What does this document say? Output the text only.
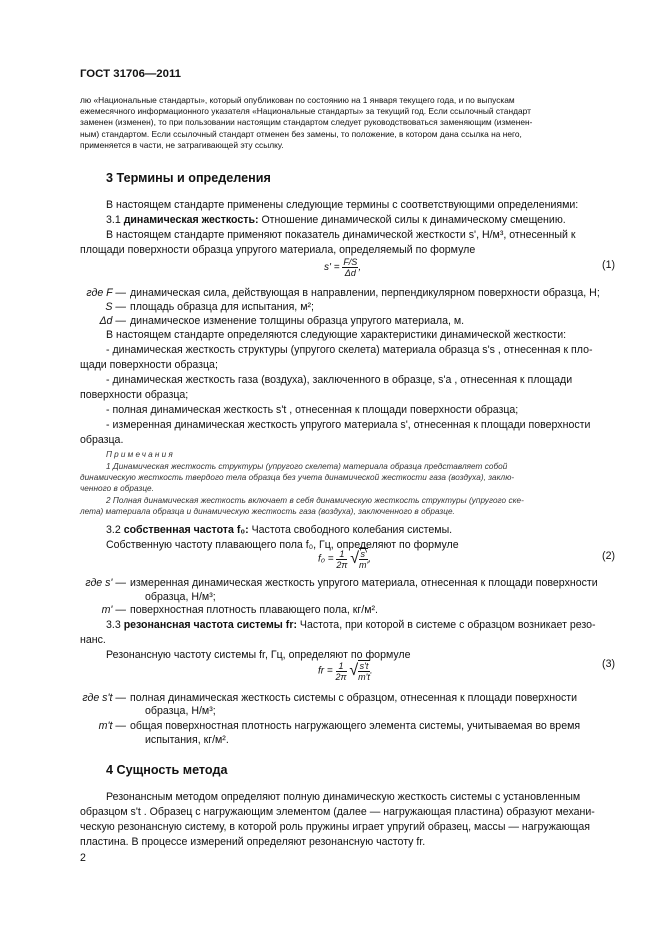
ГОСТ 31706—2011
лю «Национальные стандарты», который опубликован по состоянию на 1 января текущего года, и по выпускам
ежемесячного информационного указателя «Национальные стандарты» за текущий год. Если ссылочный стандарт
заменен (изменен), то при пользовании настоящим стандартом следует руководствоваться заменяющим (изменен-
ным) стандартом. Если ссылочный стандарт отменен без замены, то положение, в котором дана ссылка на него,
применяется в части, не затрагивающей эту ссылку.
3 Термины и определения
В настоящем стандарте применены следующие термины с соответствующими определениями:
3.1 динамическая жесткость: Отношение динамической силы к динамическому смещению.
В настоящем стандарте применяют показатель динамической жесткости s', Н/м³, отнесенный к
площади поверхности образца упругого материала, определяемый по формуле
$s' = \frac{F/S}{\Delta d}$ ,	(1)
где F — динамическая сила, действующая в направлении, перпендикулярном поверхности образца, Н;
S — площадь образца для испытания, м²;
Δd — динамическое изменение толщины образца упругого материала, м.
В настоящем стандарте определяются следующие характеристики динамической жесткости:
- динамическая жесткость структуры (упругого скелета) материала образца s's , отнесенная к пло-
щади поверхности образца;
- динамическая жесткость газа (воздуха), заключенного в образце, s'a , отнесенная к площади
поверхности образца;
- полная динамическая жесткость s't , отнесенная к площади поверхности образца;
- измеренная динамическая жесткость упругого материала s', отнесенная к площади поверхности
образца.
Примечания
1 Динамическая жесткость структуры (упругого скелета) материала образца представляет собой
динамическую жесткость твердого тела образца без учета динамической жесткости газа (воздуха), заклю-
ченного в образце.
2 Полная динамическая жесткость включает в себя динамическую жесткость структуры (упругого ске-
лета) материала образца и динамическую жесткость газа (воздуха), заключенного в образце.
3.2 собственная частота f₀: Частота свободного колебания системы.
Собственную частоту плавающего пола f₀, Гц, определяют по формуле
$f_0 = \frac{1}{2\pi}$ √ $\frac{s'}{m'}$ ,	(2)
где s' — измеренная динамическая жесткость упругого материала, отнесенная к площади поверхности
образца, Н/м³;
m' — поверхностная плотность плавающего пола, кг/м².
3.3 резонансная частота системы fr: Частота, при которой в системе с образцом возникает резо-
нанс.
Резонансную частоту системы fr, Гц, определяют по формуле
fr = $\frac{1}{2\pi}$ √ $\frac{s't}{m't}$ .
(3)
где s't — полная динамическая жесткость системы с образцом, отнесенная к площади поверхности
образца, Н/м³;
m't — общая поверхностная плотность нагружающего элемента системы, учитываемая во время
испытания, кг/м².
4 Сущность метода
Резонансным методом определяют полную динамическую жесткость системы с установленным
образцом s't . Образец с нагружающим элементом (далее — нагружающая пластина) образуют механи-
ческую резонансную систему, в которой роль пружины играет упругий образец, массы — нагружающая
пластина. В процессе измерений определяют резонансную частоту fr.
2
